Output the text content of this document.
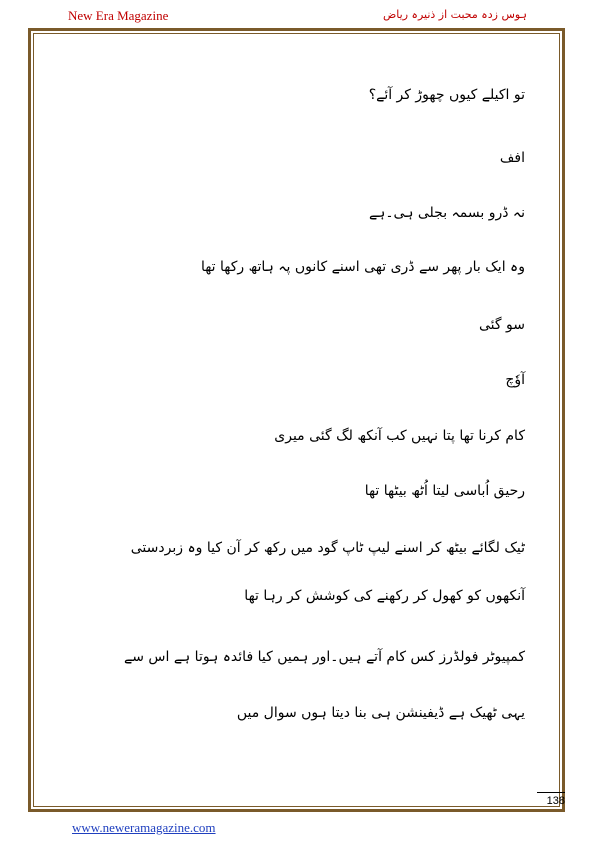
New Era Magazine	ہوس زدہ محبت از ذنیرہ ریاض

تو اکیلے کیوں چھوڑ کر آئے؟

افف

نہ ڈرو بسمہ بجلی ہی۔ہے

وہ ایک بار پھر سے ڈری تھی اسنے کانوں پہ ہاتھ رکھا تھا

سو گئی

آوٗچ

کام کرنا تھا پتا نہیں کب آنکھ لگ گئی میری

رحیق اُباسی لیتا اُٹھ بیٹھا تھا

ٹیک لگائے بیٹھ کر اسنے لیپ ٹاپ گود میں رکھ کر آن کیا وہ زبردستی

آنکھوں کو کھول کر رکھنے کی کوشش کر رہا تھا

کمپیوٹر فولڈرز کس کام آتے ہیں۔اور ہمیں کیا فائدہ ہوتا ہے اس سے

یہی ٹھیک ہے ڈیفینشن ہی بنا دیتا ہوں سوال میں

138
www.neweramagazine.com
